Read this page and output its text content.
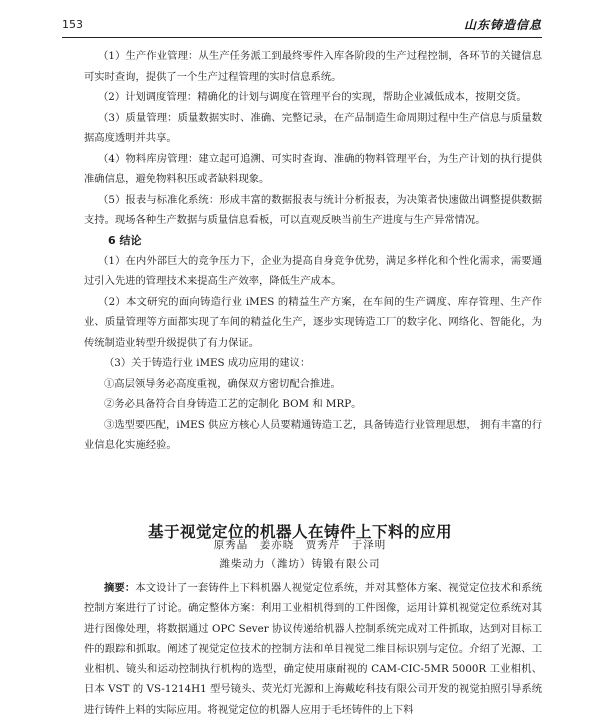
153	山东铸造信息

（1）生产作业管理：从生产任务派工到最终零件入库各阶段的生产过程控制，各环节的关键信息可实时查询，提供了一个生产过程管理的实时信息系统。

（2）计划调度管理：精确化的计划与调度在管理平台的实现，帮助企业减低成本，按期交货。

（3）质量管理：质量数据实时、准确、完整记录，在产品制造生命周期过程中生产信息与质量数据高度透明并共享。

（4）物料库房管理：建立起可追溯、可实时查询、准确的物料管理平台，为生产计划的执行提供准确信息，避免物料积压或者缺料现象。

（5）报表与标准化系统：形成丰富的数据报表与统计分析报表，为决策者快速做出调整提供数据支持。现场各种生产数据与质量信息看板，可以直观反映当前生产进度与生产异常情况。

6 结论

（1）在内外部巨大的竞争压力下，企业为提高自身竞争优势，满足多样化和个性化需求，需要通过引入先进的管理技术来提高生产效率，降低生产成本。

（2）本文研究的面向铸造行业 iMES 的精益生产方案，在车间的生产调度、库存管理、生产作业、质量管理等方面都实现了车间的精益化生产，逐步实现铸造工厂的数字化、网络化、智能化，为传统制造业转型升级提供了有力保证。

（3）关于铸造行业 iMES 成功应用的建议：

①高层领导务必高度重视，确保双方密切配合推进。

②务必具备符合自身铸造工艺的定制化 BOM 和 MRP。

③选型要匹配，iMES 供应方核心人员要精通铸造工艺，具备铸造行业管理思想， 拥有丰富的行业信息化实施经验。

基于视觉定位的机器人在铸件上下料的应用
原秀晶　姜亦晓　贾秀芹　于泽明
潍柴动力（潍坊）铸锻有限公司

摘要：本文设计了一套铸件上下料机器人视觉定位系统，并对其整体方案、视觉定位技术和系统控制方案进行了讨论。确定整体方案：利用工业相机得到的工件图像，运用计算机视觉定位系统对其进行图像处理，将数据通过 OPC Sever 协议传递给机器人控制系统完成对工件抓取，达到对目标工件的跟踪和抓取。阐述了视觉定位技术的控制方法和单目视觉二维目标识别与定位。介绍了光源、工业相机、镜头和运动控制执行机构的选型，确定使用康耐视的 CAM-CIC-5MR 5000R 工业相机、日本 VST 的 VS-1214H1 型号镜头、荧光灯光源和上海戴屹科技有限公司开发的视觉拍照引导系统进行铸件上料的实际应用。将视觉定位的机器人应用于毛坯铸件的上下料
